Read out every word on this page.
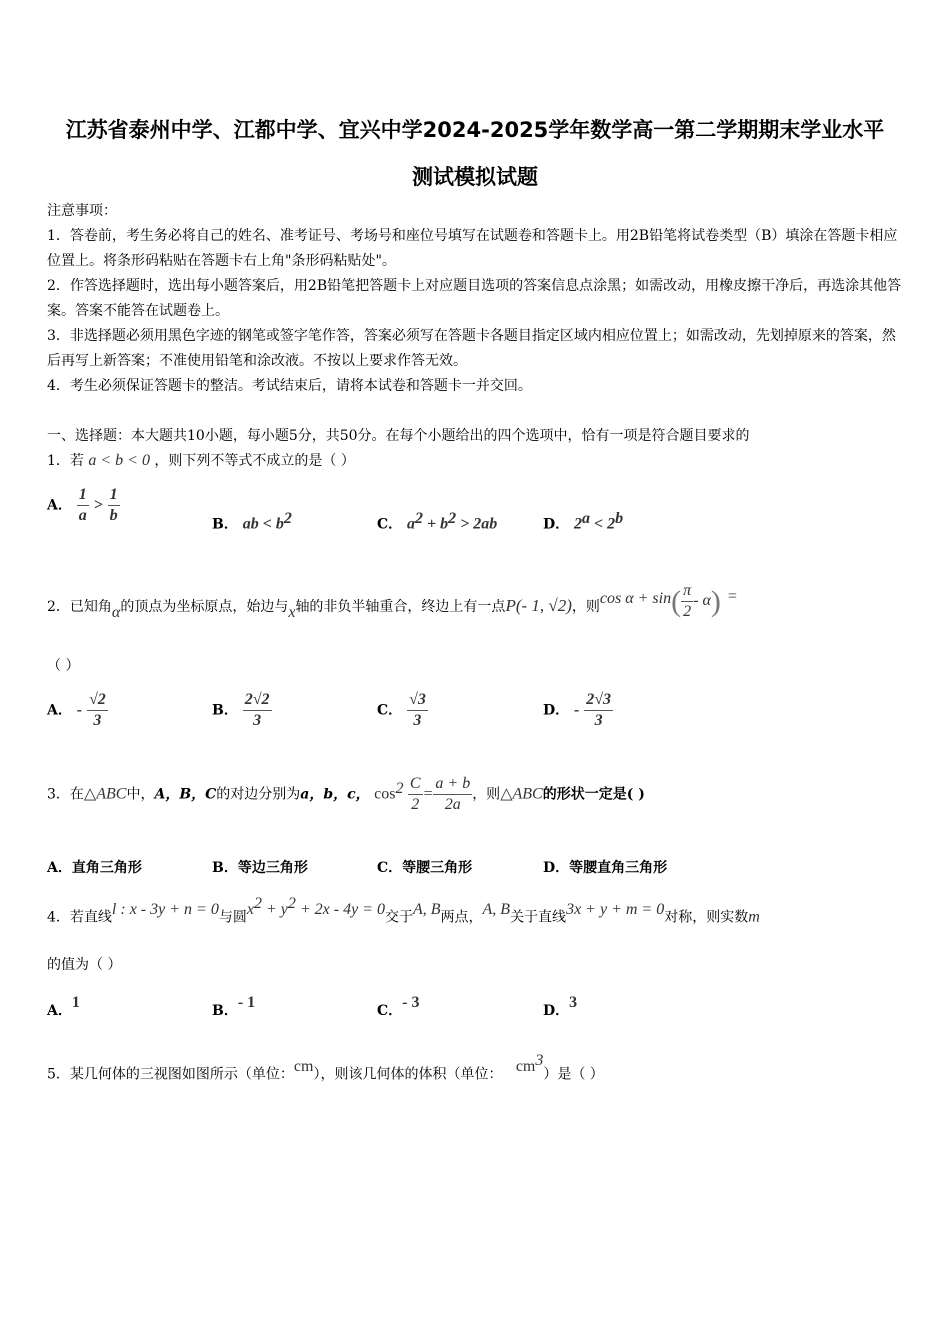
江苏省泰州中学、江都中学、宜兴中学2024-2025学年数学高一第二学期期末学业水平
测试模拟试题

注意事项：

1．答卷前，考生务必将自己的姓名、准考证号、考场号和座位号填写在试题卷和答题卡上。用2B铅笔将试卷类型（B）填涂在答题卡相应位置上。将条形码粘贴在答题卡右上角"条形码粘贴处"。

2．作答选择题时，选出每小题答案后，用2B铅笔把答题卡上对应题目选项的答案信息点涂黑；如需改动，用橡皮擦干净后，再选涂其他答案。答案不能答在试题卷上。

3．非选择题必须用黑色字迹的钢笔或签字笔作答，答案必须写在答题卡各题目指定区域内相应位置上；如需改动，先划掉原来的答案，然后再写上新答案；不准使用铅笔和涂改液。不按以上要求作答无效。

4．考生必须保证答题卡的整洁。考试结束后，请将本试卷和答题卡一并交回。

一、选择题：本大题共10小题，每小题5分，共50分。在每个小题给出的四个选项中，恰有一项是符合题目要求的
1．若 a < b < 0 ，则下列不等式不成立的是（ ）
A． $\frac{1}{a} > \frac{1}{b}$	B． ab < $b^2$	C． $a^2 + b^2 > 2ab$	D． $2^a < 2^b$
2．已知角α的顶点为坐标原点，始边与x轴的非负半轴重合，终边上有一点P(- 1, √2)，则$\cos \alpha + \sin( \frac{\pi}{2} - \alpha)$ =
（ ）
A． - $\frac{√2}{3}$	B． $\frac{2√2}{3}$	C． $\frac{√3}{3}$	D． - $\frac{2√3}{3}$
3．在△ABC中，A，B，C的对边分别为a，b，c， $\cos^2 \frac{C}{2} = \frac{a + b}{2a}$ ，则△ABC的形状一定是( )
A．直角三角形	B．等边三角形	C．等腰三角形	D．等腰直角三角形
4．若直线l : x - 3y + n = 0与圆$x^2 + y^2 + 2x - 4y = 0$交于A, B两点，A, B关于直线3x + y + m = 0对称，则实数m
的值为（ ）
A．1	B．- 1	C．- 3	D．3
5．某几何体的三视图如图所示（单位：cm），则该几何体的体积（单位： $cm^3$）是（ ）
